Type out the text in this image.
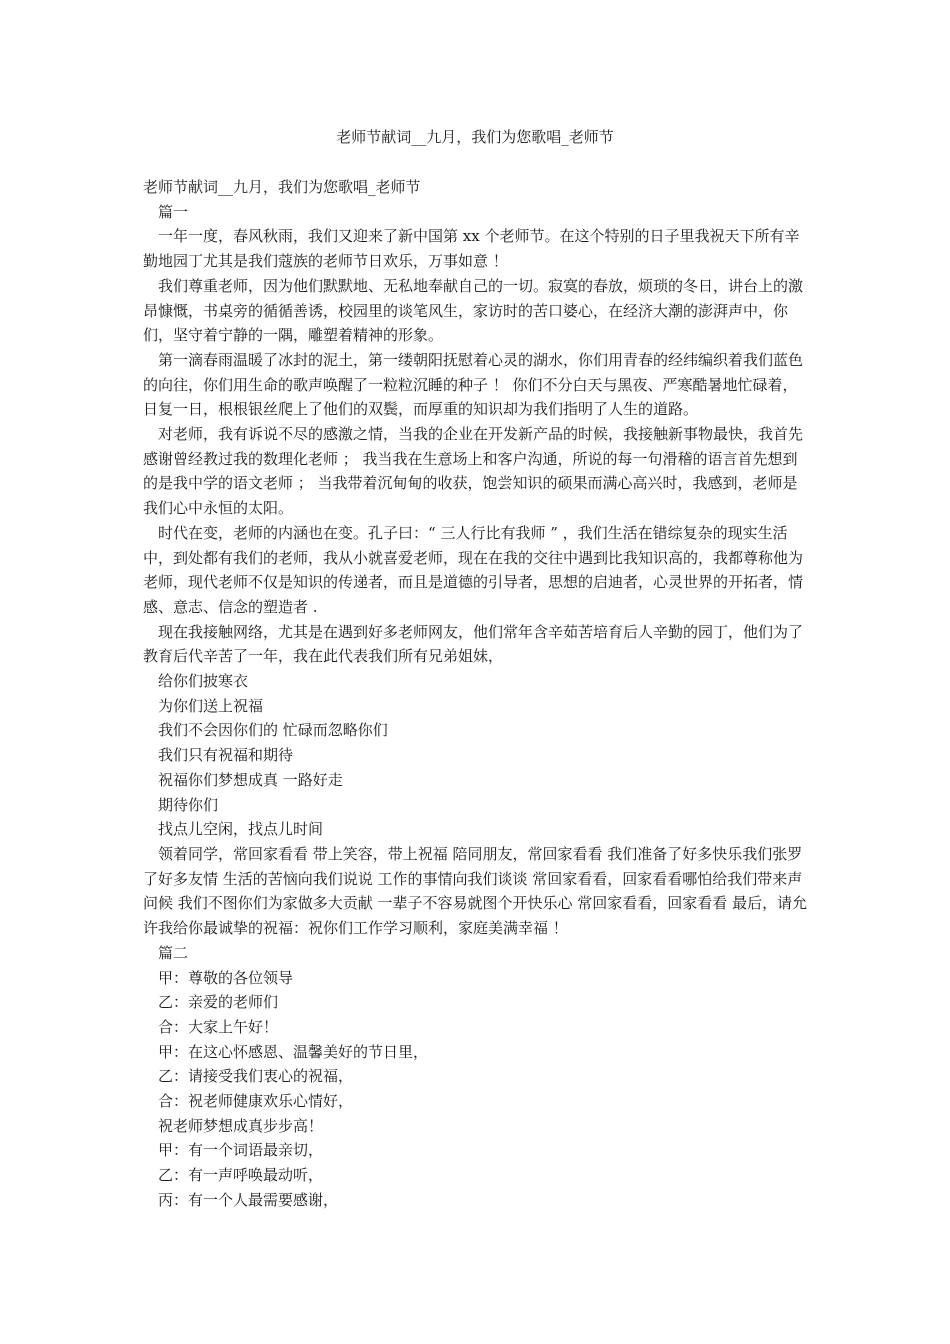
老师节献词__九月，我们为您歌唱_老师节

老师节献词__九月，我们为您歌唱_老师节

篇一

一年一度，春风秋雨，我们又迎来了新中国第 xx 个老师节。在这个特别的日子里我祝天下所有辛勤地园丁尤其是我们蔻族的老师节日欢乐，万事如意 ！

我们尊重老师，因为他们默默地、无私地奉献自己的一切。寂寞的春放，烦琐的冬日，讲台上的激昂慷慨，书桌旁的循循善诱，校园里的谈笔风生，家访时的苦口婆心，在经济大潮的澎湃声中，你们，坚守着宁静的一隅，雕塑着精神的形象。

第一滴春雨温暖了冰封的泥土，第一缕朝阳抚慰着心灵的湖水，你们用青春的经纬编织着我们蓝色的向往，你们用生命的歌声唤醒了一粒粒沉睡的种子 ！ 你们不分白天与黑夜、严寒酷暑地忙碌着，日复一日，根根银丝爬上了他们的双鬓，而厚重的知识却为我们指明了人生的道路。

对老师，我有诉说不尽的感激之情，当我的企业在开发新产品的时候，我接触新事物最快，我首先感谢曾经教过我的数理化老师 ； 我当我在生意场上和客户沟通，所说的每一句滑稽的语言首先想到的是我中学的语文老师 ； 当我带着沉甸甸的收获，饱尝知识的硕果而满心高兴时，我感到，老师是 我们心中永恒的太阳。

时代在变，老师的内涵也在变。孔子曰：“ 三人行比有我师 ” ，我们生活在错综复杂的现实生活中，到处都有我们的老师，我从小就喜爱老师，现在在我的交往中遇到比我知识高的，我都尊称他为老师，现代老师不仅是知识的传递者，而且是道德的引导者，思想的启迪者，心灵世界的开拓者，情感、意志、信念的塑造者 .

现在我接触网络，尤其是在遇到好多老师网友，他们常年含辛茹苦培育后人辛勤的园丁，他们为了教育后代辛苦了一年，我在此代表我们所有兄弟姐妹，

给你们披寒衣

为你们送上祝福

我们不会因你们的 忙碌而忽略你们

我们只有祝福和期待

祝福你们梦想成真 一路好走

期待你们

找点儿空闲，找点儿时间

领着同学，常回家看看 带上笑容，带上祝福 陪同朋友，常回家看看 我们准备了好多快乐我们张罗了好多友情 生活的苦恼向我们说说 工作的事情向我们谈谈 常回家看看，回家看看哪怕给我们带来声问候 我们不图你们为家做多大贡献 一辈子不容易就图个开快乐心 常回家看看，回家看看 最后，请允许我给你最诚挚的祝福：祝你们工作学习顺利，家庭美满幸福 ！

篇二

甲：尊敬的各位领导

乙：亲爱的老师们

合：大家上午好！

甲：在这心怀感恩、温馨美好的节日里，

乙：请接受我们衷心的祝福，

合：祝老师健康欢乐心情好，

祝老师梦想成真步步高！

甲：有一个词语最亲切，

乙：有一声呼唤最动听，

丙：有一个人最需要感谢，
